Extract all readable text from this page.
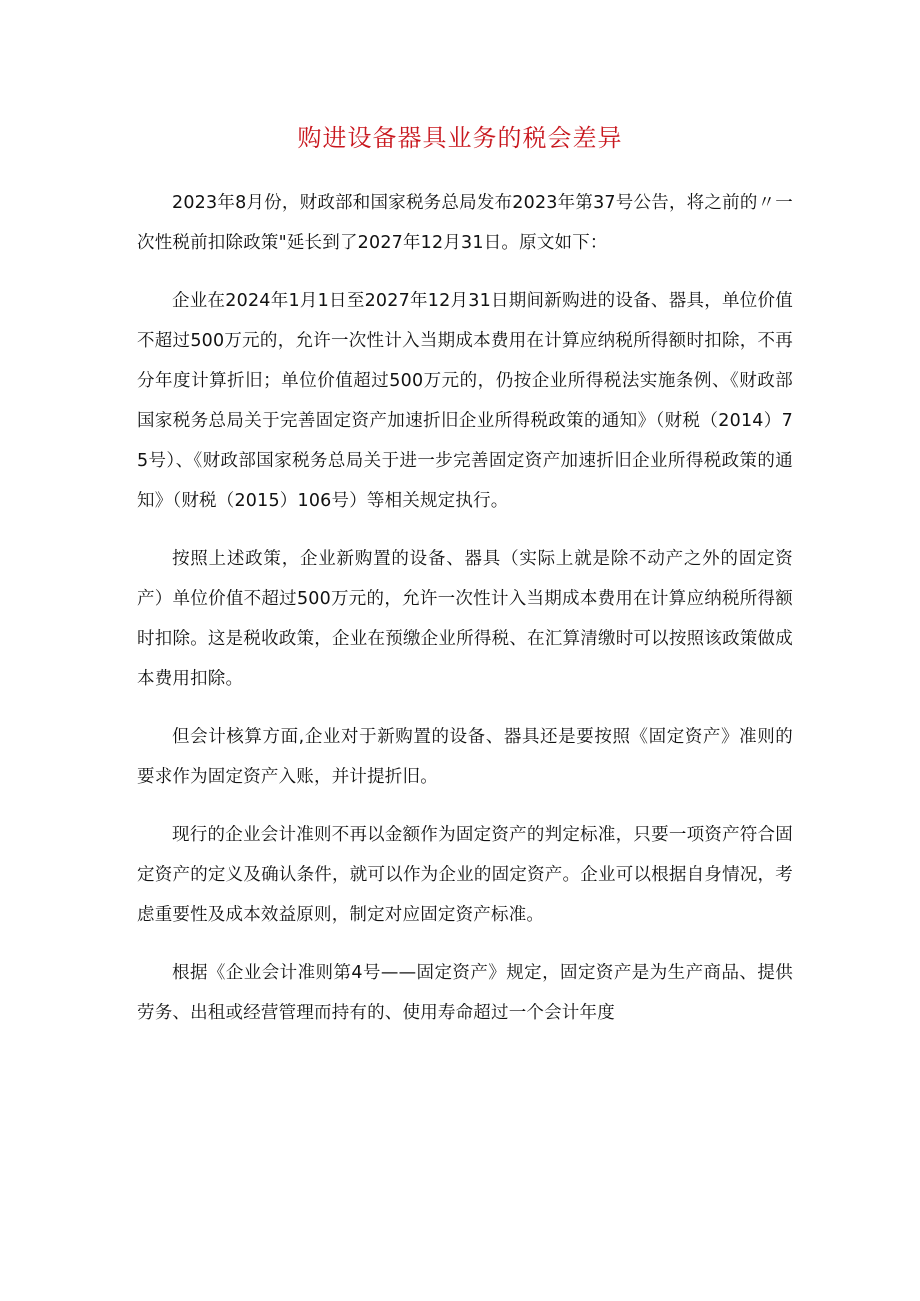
购进设备器具业务的税会差异

2023年8月份，财政部和国家税务总局发布2023年第37号公告，将之前的〃一次性税前扣除政策"延长到了2027年12月31日。原文如下：

企业在2024年1月1日至2027年12月31日期间新购进的设备、器具，单位价值不超过500万元的，允许一次性计入当期成本费用在计算应纳税所得额时扣除，不再分年度计算折旧；单位价值超过500万元的，仍按企业所得税法实施条例、《财政部国家税务总局关于完善固定资产加速折旧企业所得税政策的通知》（财税（2014）75号）、《财政部国家税务总局关于进一步完善固定资产加速折旧企业所得税政策的通知》（财税（2015）106号）等相关规定执行。

按照上述政策，企业新购置的设备、器具（实际上就是除不动产之外的固定资产）单位价值不超过500万元的，允许一次性计入当期成本费用在计算应纳税所得额时扣除。这是税收政策，企业在预缴企业所得税、在汇算清缴时可以按照该政策做成本费用扣除。

但会计核算方面,企业对于新购置的设备、器具还是要按照《固定资产》准则的要求作为固定资产入账，并计提折旧。

现行的企业会计准则不再以金额作为固定资产的判定标准，只要一项资产符合固定资产的定义及确认条件，就可以作为企业的固定资产。企业可以根据自身情况，考虑重要性及成本效益原则，制定对应固定资产标准。

根据《企业会计准则第4号——固定资产》规定，固定资产是为生产商品、提供劳务、出租或经营管理而持有的、使用寿命超过一个会计年度
